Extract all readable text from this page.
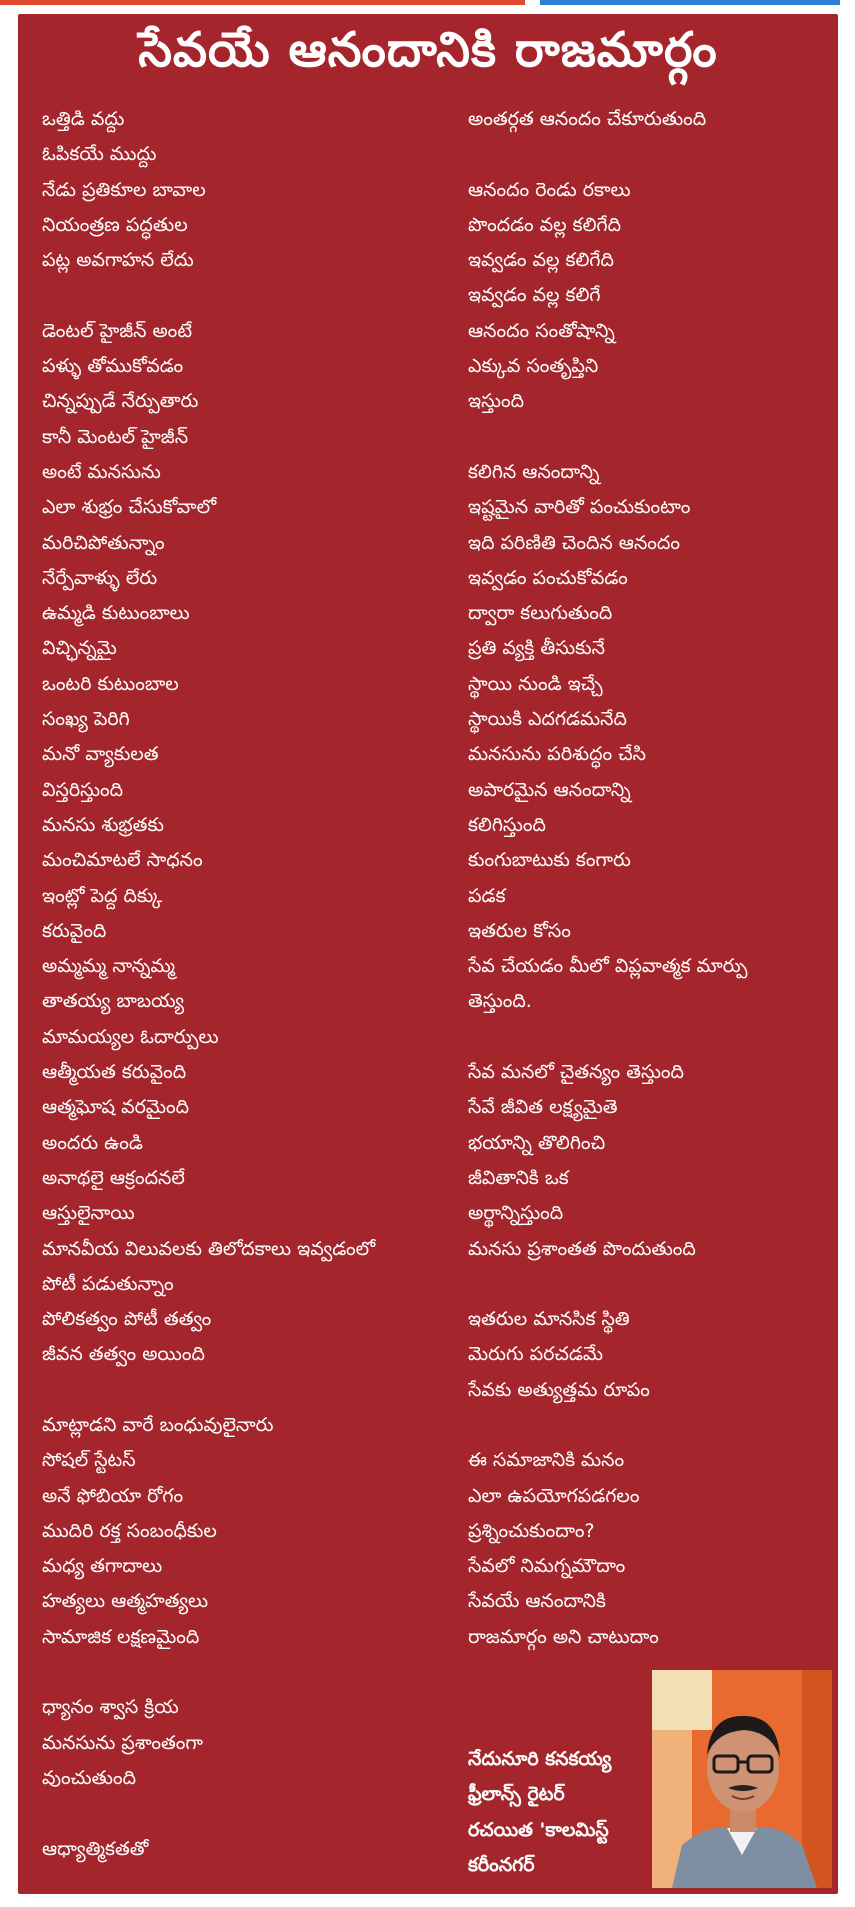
సేవయే ఆనందానికి రాజమార్గం
ఒత్తిడి వద్దు
ఓపికయే ముద్దు
నేడు ప్రతికూల బావాల
నియంత్రణ పద్ధతుల
పట్ల అవగాహన లేదు
డెంటల్ హైజీన్ అంటే
పళ్ళు తోముకోవడం
చిన్నప్పుడే నేర్పుతారు
కానీ మెంటల్ హైజీన్
అంటే మనసును
ఎలా శుభ్రం చేసుకోవాలో
మరిచిపోతున్నాం
నేర్పేవాళ్ళు లేరు
ఉమ్మడి కుటుంబాలు
విచ్ఛిన్నమై
ఒంటరి కుటుంబాల
సంఖ్య పెరిగి
మనో వ్యాకులత
విస్తరిస్తుంది
మనసు శుభ్రతకు
మంచిమాటలే సాధనం
ఇంట్లో పెద్ద దిక్కు
కరువైంది
అమ్మమ్మ నాన్నమ్మ
తాతయ్య బాబయ్య
మామయ్యల ఓదార్పులు
ఆత్మీయత కరువైంది
ఆత్మఘోష వరమైంది
అందరు ఉండి
అనాథలై ఆక్రందనలే
ఆస్తులైనాయి
మానవీయ విలువలకు తిలోదకాలు ఇవ్వడంలో
పోటీ పడుతున్నాం
పోలికత్వం పోటీ తత్వం
జీవన తత్వం అయింది
మాట్లాడని వారే బంధువులైనారు
సోషల్ స్టేటస్
అనే ఫోబియా రోగం
ముదిరి రక్త సంబంధీకుల
మధ్య తగాదాలు
హత్యలు ఆత్మహత్యలు
సామాజిక లక్షణమైంది
ధ్యానం శ్వాస క్రియ
మనసును ప్రశాంతంగా
వుంచుతుంది
ఆధ్యాత్మికతతో
అంతర్గత ఆనందం చేకూరుతుంది
ఆనందం రెండు రకాలు
పొందడం వల్ల కలిగేది
ఇవ్వడం వల్ల కలిగేది
ఇవ్వడం వల్ల కలిగే
ఆనందం సంతోషాన్ని
ఎక్కువ సంతృప్తిని
ఇస్తుంది
కలిగిన ఆనందాన్ని
ఇష్టమైన వారితో పంచుకుంటాం
ఇది పరిణితి చెందిన ఆనందం
ఇవ్వడం పంచుకోవడం
ద్వారా కలుగుతుంది
ప్రతి వ్యక్తి తీసుకునే
స్థాయి నుండి ఇచ్చే
స్థాయికి ఎదగడమనేది
మనసును పరిశుద్ధం చేసి
అపారమైన ఆనందాన్ని
కలిగిస్తుంది
కుంగుబాటుకు కంగారు
పడక
ఇతరుల కోసం
సేవ చేయడం మీలో విప్లవాత్మక మార్పు
తెస్తుంది.
సేవ మనలో చైతన్యం తెస్తుంది
సేవే జీవిత లక్ష్యమైతె
భయాన్ని తొలిగించి
జీవితానికి ఒక
అర్థాన్నిస్తుంది
మనసు ప్రశాంతత పొందుతుంది
ఇతరుల మానసిక స్థితి
మెరుగు పరచడమే
సేవకు అత్యుత్తమ రూపం
ఈ సమాజానికి మనం
ఎలా ఉపయోగపడగలం
ప్రశ్నించుకుందాం?
సేవలో నిమగ్నమౌదాం
సేవయే ఆనందానికి
రాజమార్గం అని చాటుదాం
నేదునూరి కనకయ్య
ఫ్రీలాన్స్ రైటర్
రచయిత 'కాలమిస్ట్
కరీంనగర్
